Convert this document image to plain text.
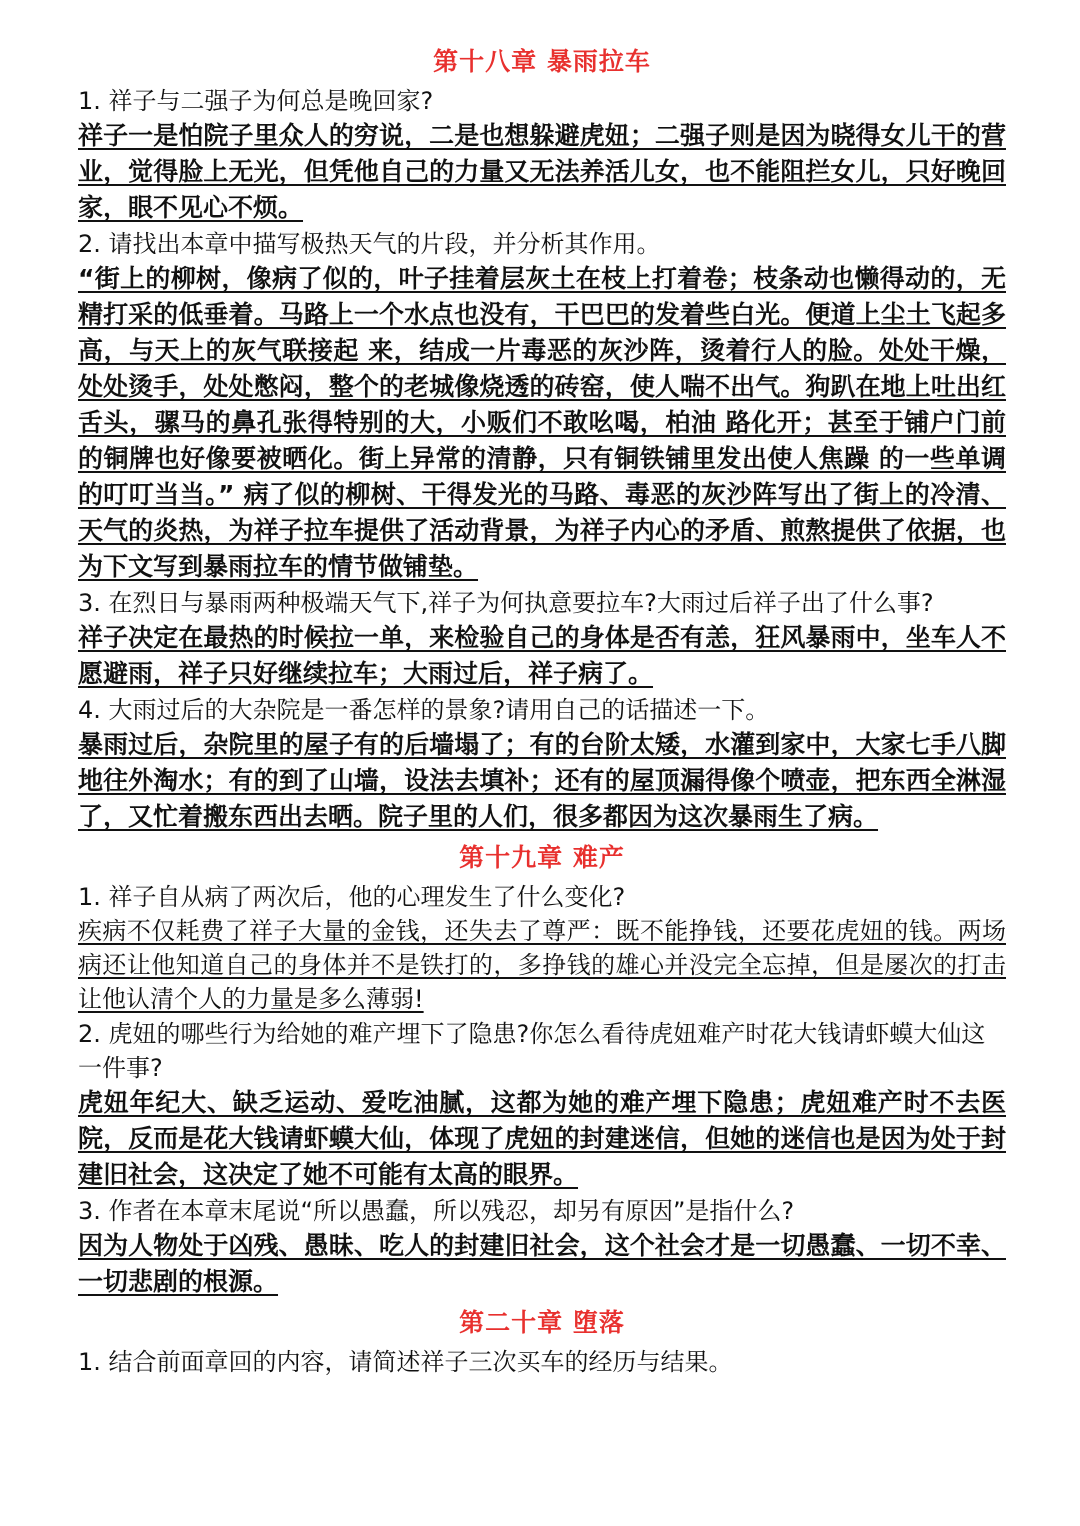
第十八章 暴雨拉车

1. 祥子与二强子为何总是晚回家?

祥子一是怕院子里众人的穷说，二是也想躲避虎妞；二强子则是因为晓得女儿干的营业，觉得脸上无光，但凭他自己的力量又无法养活儿女，也不能阻拦女儿，只好晚回家，眼不见心不烦。

2. 请找出本章中描写极热天气的片段，并分析其作用。

“街上的柳树，像病了似的，叶子挂着层灰土在枝上打着卷；枝条动也懒得动的，无精打采的低垂着。马路上一个水点也没有，干巴巴的发着些白光。便道上尘土飞起多高，与天上的灰气联接起 来，结成一片毒恶的灰沙阵，烫着行人的脸。处处干燥，处处烫手，处处憋闷，整个的老城像烧透的砖窑，使人喘不出气。狗趴在地上吐出红舌头，骡马的鼻孔张得特别的大，小贩们不敢吆喝，柏油 路化开；甚至于铺户门前的铜牌也好像要被晒化。街上异常的清静，只有铜铁铺里发出使人焦躁 的一些单调的叮叮当当。” 病了似的柳树、干得发光的马路、毒恶的灰沙阵写出了街上的冷清、天气的炎热，为祥子拉车提供了活动背景，为祥子内心的矛盾、煎熬提供了依据，也为下文写到暴雨拉车的情节做铺垫。

3. 在烈日与暴雨两种极端天气下,祥子为何执意要拉车?大雨过后祥子出了什么事?

祥子决定在最热的时候拉一单，来检验自己的身体是否有恙，狂风暴雨中，坐车人不愿避雨，祥子只好继续拉车；大雨过后，祥子病了。

4. 大雨过后的大杂院是一番怎样的景象?请用自己的话描述一下。

暴雨过后，杂院里的屋子有的后墙塌了；有的台阶太矮，水灌到家中，大家七手八脚地往外淘水；有的到了山墙，设法去填补；还有的屋顶漏得像个喷壶，把东西全淋湿了，又忙着搬东西出去晒。院子里的人们，很多都因为这次暴雨生了病。

第十九章 难产

1. 祥子自从病了两次后，他的心理发生了什么变化?

疾病不仅耗费了祥子大量的金钱，还失去了尊严：既不能挣钱，还要花虎妞的钱。两场病还让他知道自己的身体并不是铁打的，多挣钱的雄心并没完全忘掉，但是屡次的打击让他认清个人的力量是多么薄弱!

2. 虎妞的哪些行为给她的难产埋下了隐患?你怎么看待虎妞难产时花大钱请虾蟆大仙这一件事?

虎妞年纪大、缺乏运动、爱吃油腻，这都为她的难产埋下隐患；虎妞难产时不去医院，反而是花大钱请虾蟆大仙，体现了虎妞的封建迷信，但她的迷信也是因为处于封建旧社会，这决定了她不可能有太高的眼界。

3. 作者在本章末尾说“所以愚蠢，所以残忍，却另有原因”是指什么?

因为人物处于凶残、愚昧、吃人的封建旧社会，这个社会才是一切愚蠢、一切不幸、一切悲剧的根源。

第二十章 堕落

1. 结合前面章回的内容，请简述祥子三次买车的经历与结果。
